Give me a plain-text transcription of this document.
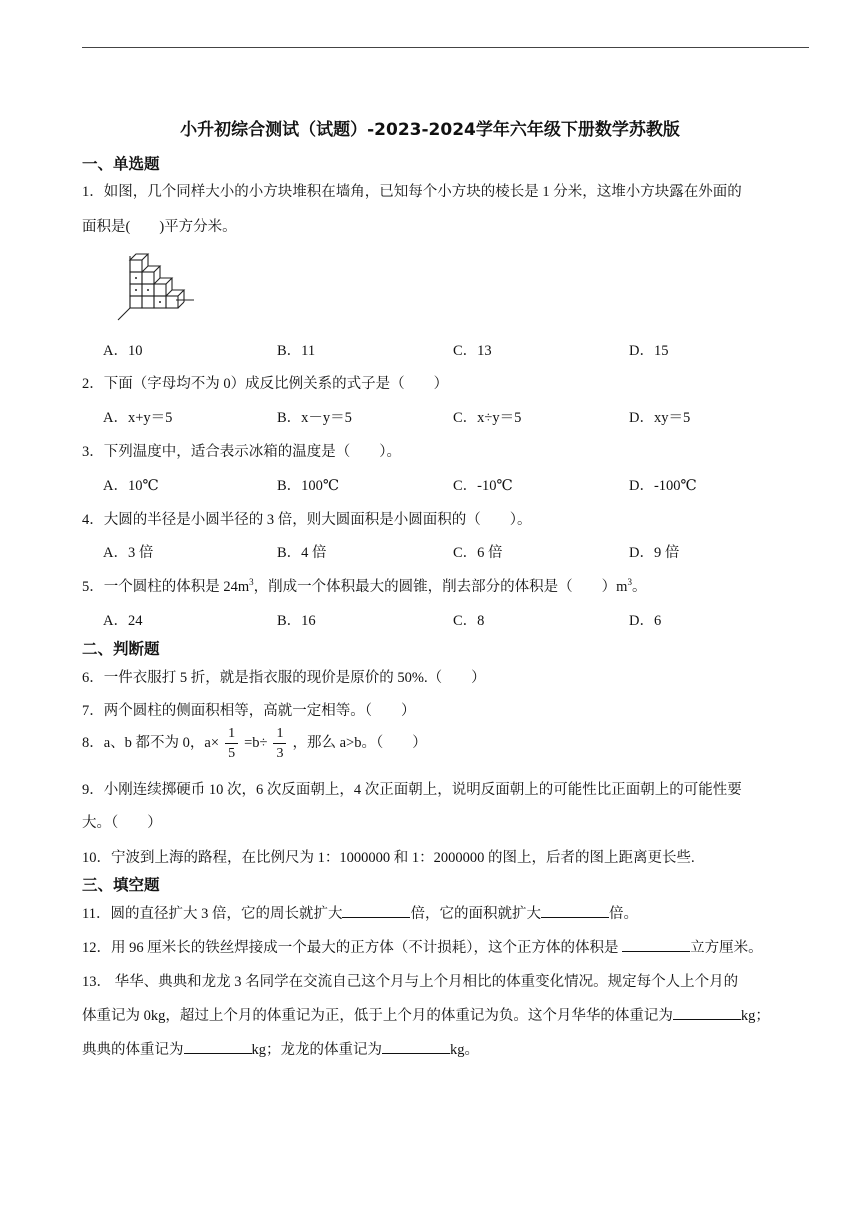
小升初综合测试（试题）-2023-2024学年六年级下册数学苏教版
一、单选题
1．如图，几个同样大小的小方块堆积在墙角，已知每个小方块的棱长是 1 分米，这堆小方块露在外面的
面积是(　　)平方分米。
A．10	B．11	C．13	D．15
2．下面（字母均不为 0）成反比例关系的式子是（　　）
A．x+y＝5	B．x－y＝5	C．x÷y＝5	D．xy＝5
3．下列温度中，适合表示冰箱的温度是（　　）。
A．10℃	B．100℃	C．-10℃	D．-100℃
4．大圆的半径是小圆半径的 3 倍，则大圆面积是小圆面积的（　　）。
A．3 倍	B．4 倍	C．6 倍	D．9 倍
5．一个圆柱的体积是 $24m^3$，削成一个体积最大的圆锥，削去部分的体积是（　　）$m^3$。
A．24	B．16	C．8	D．6
二、判断题
6．一件衣服打 5 折，就是指衣服的现价是原价的 50%.（　　）
7．两个圆柱的侧面积相等，高就一定相等。（　　）
8．a、b 都不为 0，$a\times \frac{1}{5} =b\div \frac{1}{3}$ ，那么 a>b。（　　）
9．小刚连续掷硬币 10 次，6 次反面朝上，4 次正面朝上，说明反面朝上的可能性比正面朝上的可能性要
大。（　　）
10．宁波到上海的路程，在比例尺为 1：1000000 和 1：2000000 的图上，后者的图上距离更长些.
三、填空题
11．圆的直径扩大 3 倍，它的周长就扩大	倍，它的面积就扩大	倍。
12．用 96 厘米长的铁丝焊接成一个最大的正方体（不计损耗），这个正方体的体积是	立方厘米。
13． 华华、典典和龙龙 3 名同学在交流自己这个月与上个月相比的体重变化情况。规定每个人上个月的
体重记为 0kg，超过上个月的体重记为正，低于上个月的体重记为负。这个月华华的体重记为	kg；
典典的体重记为	kg；龙龙的体重记为	kg。
